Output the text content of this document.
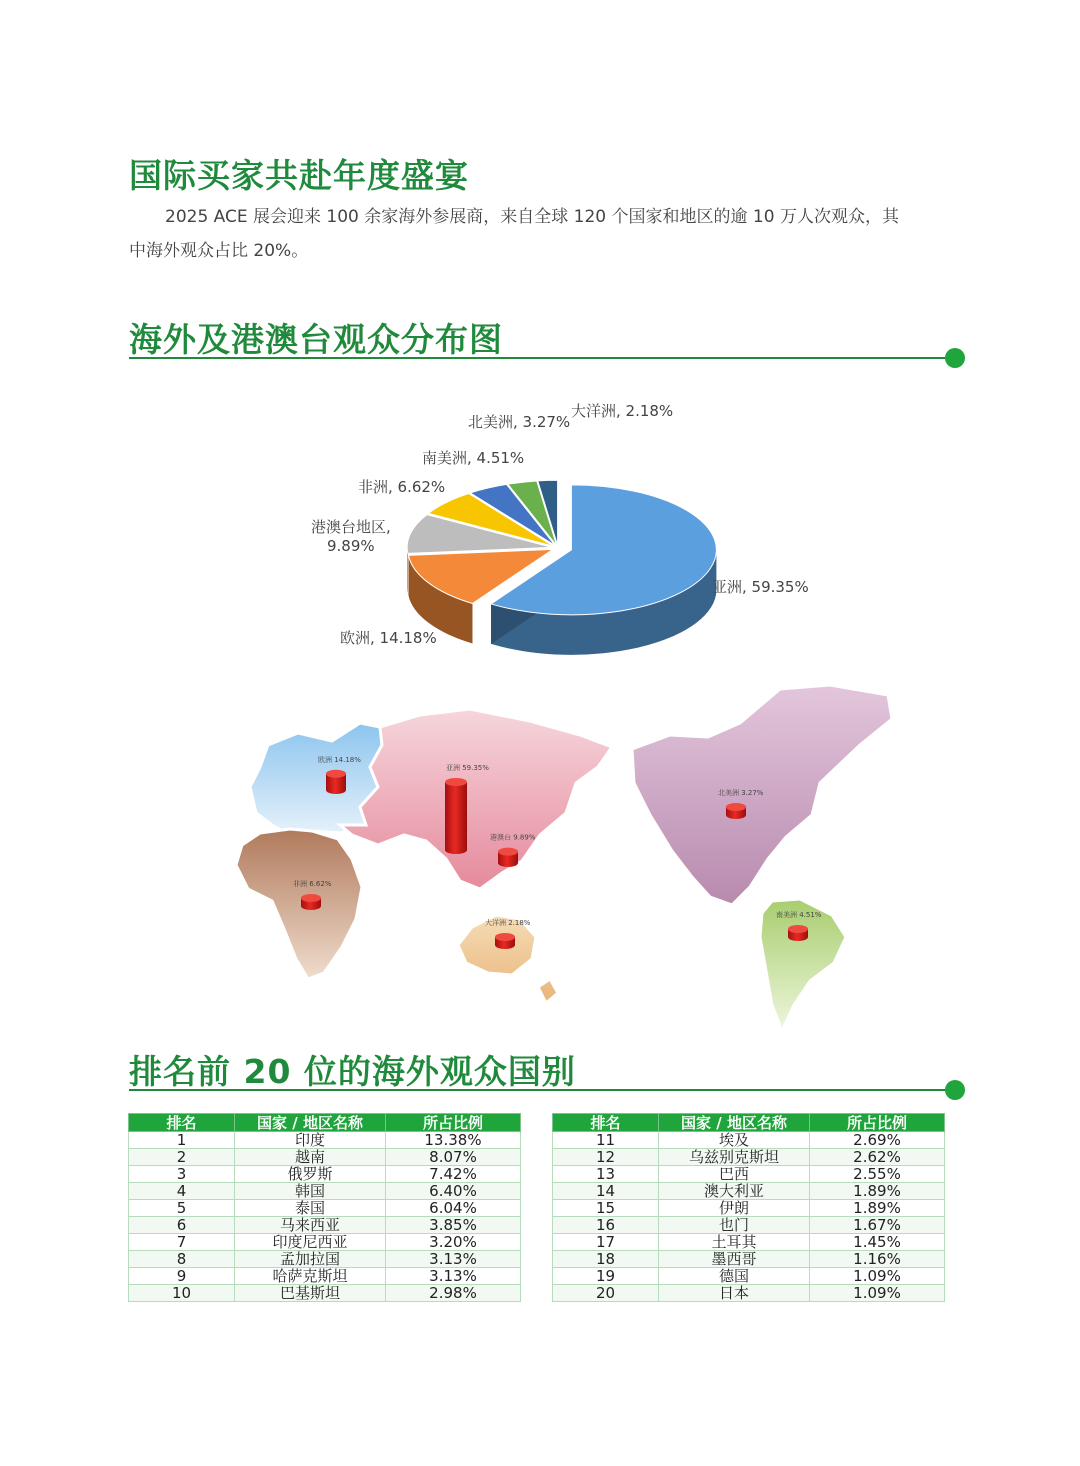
国际买家共赴年度盛宴
2025 ACE 展会迎来 100 余家海外参展商，来自全球 120 个国家和地区的逾 10 万人次观众，其
中海外观众占比 20%。
海外及港澳台观众分布图
亚洲, 59.35%
欧洲, 14.18%
港澳台地区,
9.89%
非洲, 6.62%
南美洲, 4.51%
北美洲, 3.27%
大洋洲, 2.18%
欧洲 14.18%
亚洲 59.35%
港澳台 9.89%
非洲 6.62%
大洋洲 2.18%
北美洲 3.27%
南美洲 4.51%
排名前 20 位的海外观众国别
排名	国家 / 地区名称	所占比例
1	印度	13.38%
2	越南	8.07%
3	俄罗斯	7.42%
4	韩国	6.40%
5	泰国	6.04%
6	马来西亚	3.85%
7	印度尼西亚	3.20%
8	孟加拉国	3.13%
9	哈萨克斯坦	3.13%
10	巴基斯坦	2.98%
排名	国家 / 地区名称	所占比例
11	埃及	2.69%
12	乌兹别克斯坦	2.62%
13	巴西	2.55%
14	澳大利亚	1.89%
15	伊朗	1.89%
16	也门	1.67%
17	土耳其	1.45%
18	墨西哥	1.16%
19	德国	1.09%
20	日本	1.09%
